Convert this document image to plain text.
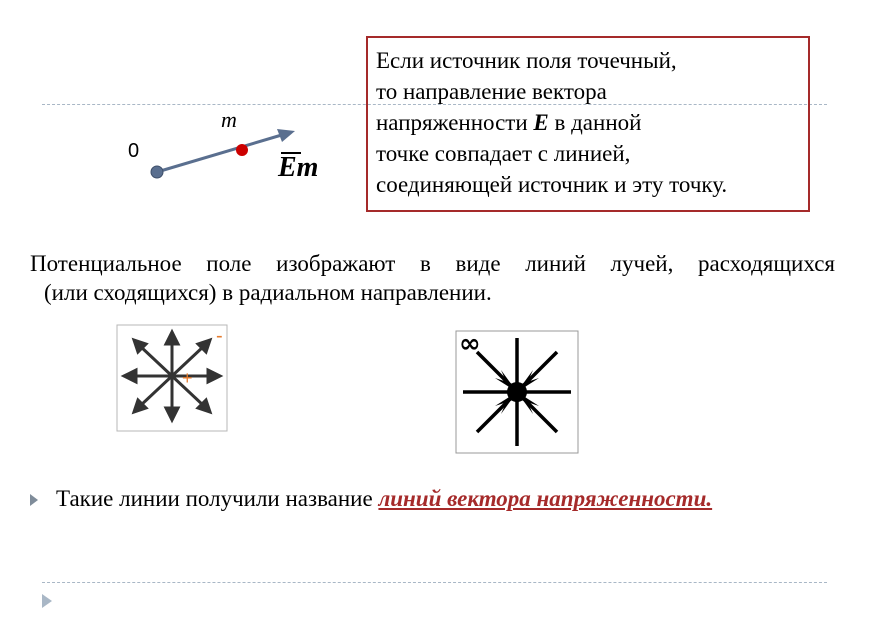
0
m
Em
Если источник поля точечный,
то направление вектора
напряженности E в данной
точке совпадает с линией,
соединяющей источник и эту точку.
Потенциальное поле изображают в виде линий лучей, расходящихся
(или сходящихся) в радиальном направлении.
-
+
∞
Такие линии получили название линий вектора напряженности.
